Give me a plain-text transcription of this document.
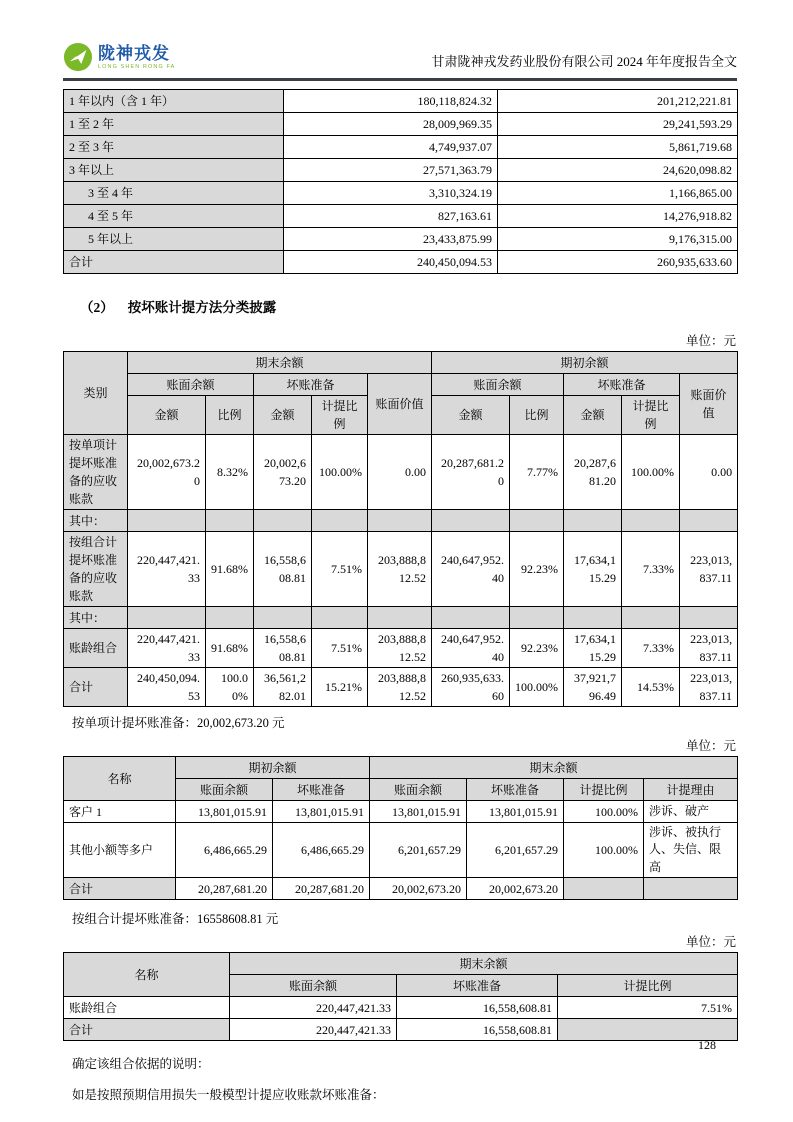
陇神戎发
LONG SHEN RONG FA	甘肃陇神戎发药业股份有限公司 2024 年年度报告全文
1 年以内（含 1 年）	180,118,824.32	201,212,221.81
1 至 2 年	28,009,969.35	29,241,593.29
2 至 3 年	4,749,937.07	5,861,719.68
3 年以上	27,571,363.79	24,620,098.82
3 至 4 年	3,310,324.19	1,166,865.00
4 至 5 年	827,163.61	14,276,918.82
5 年以上	23,433,875.99	9,176,315.00
合计	240,450,094.53	260,935,633.60
（2） 按坏账计提方法分类披露
单位：元
类别	期末余额					期初余额				
	账面余额		坏账准备		账面价值	账面余额		坏账准备		账面价值
	金额	比例	金额	计提比例		金额	比例	金额	计提比例	
按单项计提坏账准备的应收账款	20,002,673.20	8.32%	20,002,673.20	100.00%	0.00	20,287,681.20	7.77%	20,287,681.20	100.00%	0.00
其中：										
按组合计提坏账准备的应收账款	220,447,421.33	91.68%	16,558,608.81	7.51%	203,888,812.52	240,647,952.40	92.23%	17,634,115.29	7.33%	223,013,837.11
其中：										
账龄组合	220,447,421.33	91.68%	16,558,608.81	7.51%	203,888,812.52	240,647,952.40	92.23%	17,634,115.29	7.33%	223,013,837.11
合计	240,450,094.53	100.00%	36,561,282.01	15.21%	203,888,812.52	260,935,633.60	100.00%	37,921,796.49	14.53%	223,013,837.11
按单项计提坏账准备：20,002,673.20 元
单位：元
名称	期初余额		期末余额			
	账面余额	坏账准备	账面余额	坏账准备	计提比例	计提理由
客户 1	13,801,015.91	13,801,015.91	13,801,015.91	13,801,015.91	100.00%	涉诉、破产
其他小额等多户	6,486,665.29	6,486,665.29	6,201,657.29	6,201,657.29	100.00%	涉诉、被执行人、失信、限高
合计	20,287,681.20	20,287,681.20	20,002,673.20	20,002,673.20		
按组合计提坏账准备：16558608.81 元
单位：元
名称	期末余额		
	账面余额	坏账准备	计提比例
账龄组合	220,447,421.33	16,558,608.81	7.51%
合计	220,447,421.33	16,558,608.81	
确定该组合依据的说明：
如是按照预期信用损失一般模型计提应收账款坏账准备：
128
